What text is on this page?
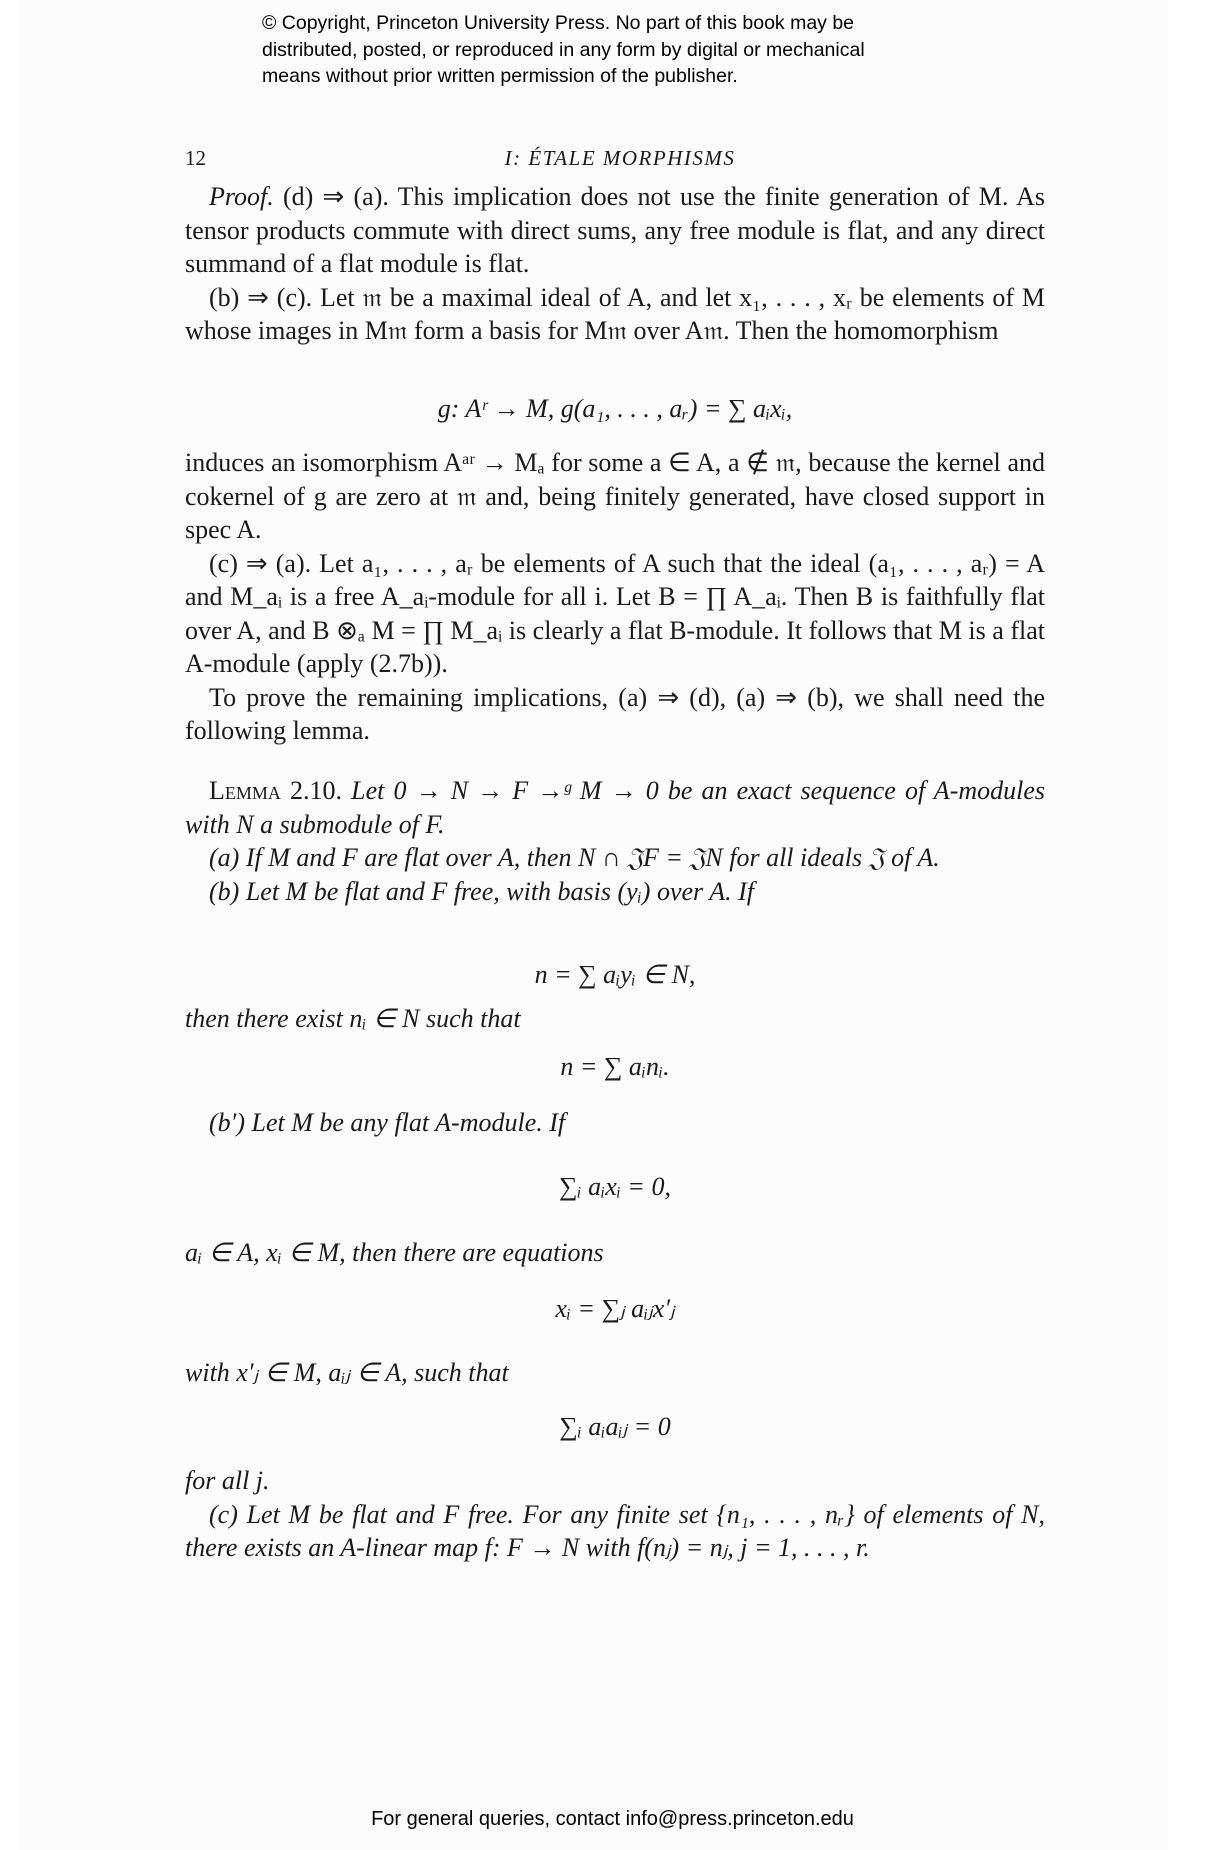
© Copyright, Princeton University Press. No part of this book may be
distributed, posted, or reproduced in any form by digital or mechanical
means without prior written permission of the publisher.
12	I: ÉTALE MORPHISMS

Proof. (d) ⇒ (a). This implication does not use the finite generation of M. As tensor products commute with direct sums, any free module is flat, and any direct summand of a flat module is flat.

(b) ⇒ (c). Let 𝔪 be a maximal ideal of A, and let x₁, . . . , xᵣ be elements of M whose images in M𝔪 form a basis for M𝔪 over A𝔪. Then the homomorphism

g: Aʳ → M, g(a₁, . . . , aᵣ) = ∑ aᵢxᵢ,

induces an isomorphism Aᵃʳ → Mₐ for some a ∈ A, a ∉ 𝔪, because the kernel and cokernel of g are zero at 𝔪 and, being finitely generated, have closed support in spec A.

(c) ⇒ (a). Let a₁, . . . , aᵣ be elements of A such that the ideal (a₁, . . . , aᵣ) = A and M_aᵢ is a free A_aᵢ-module for all i. Let B = ∏ A_aᵢ. Then B is faithfully flat over A, and B ⊗ₐ M = ∏ M_aᵢ is clearly a flat B-module. It follows that M is a flat A-module (apply (2.7b)).

To prove the remaining implications, (a) ⇒ (d), (a) ⇒ (b), we shall need the following lemma.

Lemma 2.10. Let 0 → N → F →ᵍ M → 0 be an exact sequence of A-modules with N a submodule of F.

(a) If M and F are flat over A, then N ∩ 𝔍F = 𝔍N for all ideals 𝔍 of A.

(b) Let M be flat and F free, with basis (yᵢ) over A. If

n = ∑ aᵢyᵢ ∈ N,

then there exist nᵢ ∈ N such that

n = ∑ aᵢnᵢ.

(b′) Let M be any flat A-module. If

∑ᵢ aᵢxᵢ = 0,

aᵢ ∈ A, xᵢ ∈ M, then there are equations

xᵢ = ∑ⱼ aᵢⱼx′ⱼ

with x′ⱼ ∈ M, aᵢⱼ ∈ A, such that

∑ᵢ aᵢaᵢⱼ = 0

for all j.

(c) Let M be flat and F free. For any finite set {n₁, . . . , nᵣ} of elements of N, there exists an A-linear map f: F → N with f(nⱼ) = nⱼ, j = 1, . . . , r.

For general queries, contact info@press.princeton.edu
